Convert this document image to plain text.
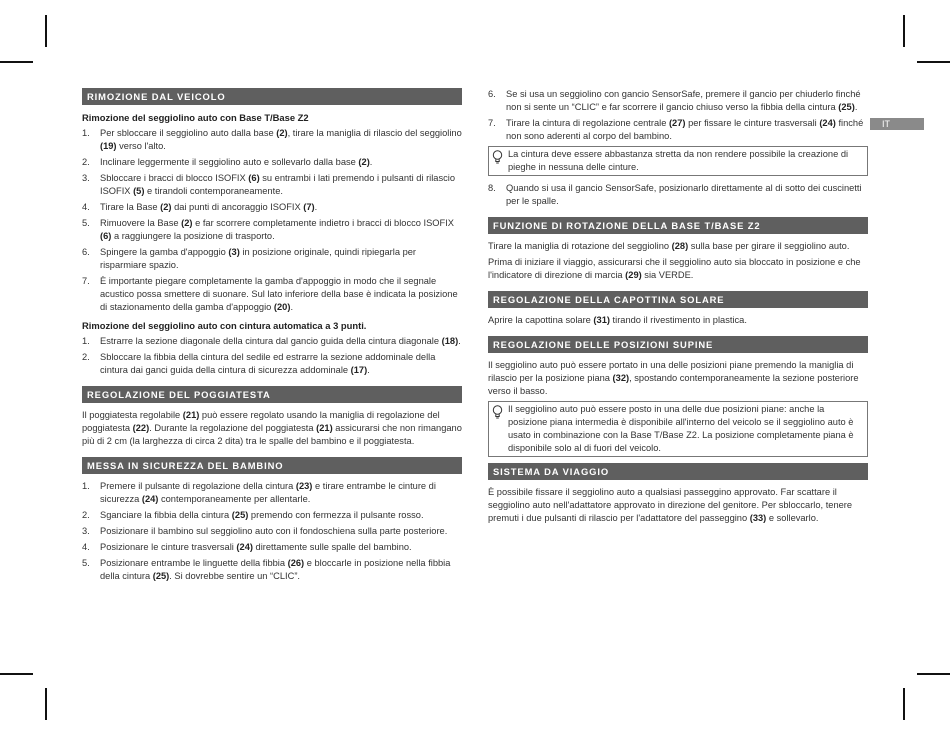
IT
RIMOZIONE DAL VEICOLO
Rimozione del seggiolino auto con Base T/Base Z2
1. Per sbloccare il seggiolino auto dalla base (2), tirare la maniglia di rilascio del seggiolino (19) verso l'alto.
2. Inclinare leggermente il seggiolino auto e sollevarlo dalla base (2).
3. Sbloccare i bracci di blocco ISOFIX (6) su entrambi i lati premendo i pulsanti di rilascio ISOFIX (5) e tirandoli contemporaneamente.
4. Tirare la Base (2) dai punti di ancoraggio ISOFIX (7).
5. Rimuovere la Base (2) e far scorrere completamente indietro i bracci di blocco ISOFIX (6) a raggiungere la posizione di trasporto.
6. Spingere la gamba d'appoggio (3) in posizione originale, quindi ripiegarla per risparmiare spazio.
7. È importante piegare completamente la gamba d'appoggio in modo che il segnale acustico possa smettere di suonare. Sul lato inferiore della base è indicata la posizione di stazionamento della gamba d'appoggio (20).
Rimozione del seggiolino auto con cintura automatica a 3 punti.
1. Estrarre la sezione diagonale della cintura dal gancio guida della cintura diagonale (18).
2. Sbloccare la fibbia della cintura del sedile ed estrarre la sezione addominale della cintura dai ganci guida della cintura di sicurezza addominale (17).
REGOLAZIONE DEL POGGIATESTA
Il poggiatesta regolabile (21) può essere regolato usando la maniglia di regolazione del poggiatesta (22). Durante la regolazione del poggiatesta (21) assicurarsi che non rimangano più di 2 cm (la larghezza di circa 2 dita) tra le spalle del bambino e il poggiatesta.
MESSA IN SICUREZZA DEL BAMBINO
1. Premere il pulsante di regolazione della cintura (23) e tirare entrambe le cinture di sicurezza (24) contemporaneamente per allentarle.
2. Sganciare la fibbia della cintura (25) premendo con fermezza il pulsante rosso.
3. Posizionare il bambino sul seggiolino auto con il fondoschiena sulla parte posteriore.
4. Posizionare le cinture trasversali (24) direttamente sulle spalle del bambino.
5. Posizionare entrambe le linguette della fibbia (26) e bloccarle in posizione nella fibbia della cintura (25). Si dovrebbe sentire un “CLIC”.
6. Se si usa un seggiolino con gancio SensorSafe, premere il gancio per chiuderlo finché non si sente un “CLIC” e far scorrere il gancio chiuso verso la fibbia della cintura (25).
7. Tirare la cintura di regolazione centrale (27) per fissare le cinture trasversali (24) finché non sono aderenti al corpo del bambino.
La cintura deve essere abbastanza stretta da non rendere possibile la creazione di pieghe in nessuna delle cinture.
8. Quando si usa il gancio SensorSafe, posizionarlo direttamente al di sotto dei cuscinetti per le spalle.
FUNZIONE DI ROTAZIONE DELLA BASE T/BASE Z2
Tirare la maniglia di rotazione del seggiolino (28) sulla base per girare il seggiolino auto.
Prima di iniziare il viaggio, assicurarsi che il seggiolino auto sia bloccato in posizione e che l'indicatore di direzione di marcia (29) sia VERDE.
REGOLAZIONE DELLA CAPOTTINA SOLARE
Aprire la capottina solare (31) tirando il rivestimento in plastica.
REGOLAZIONE DELLE POSIZIONI SUPINE
Il seggiolino auto può essere portato in una delle posizioni piane premendo la maniglia di rilascio per la posizione piana (32), spostando contemporaneamente la sezione posteriore verso il basso.
Il seggiolino auto può essere posto in una delle due posizioni piane: anche la posizione piana intermedia è disponibile all'interno del veicolo se il seggiolino auto è usato in combinazione con la Base T/Base Z2. La posizione completamente piana è disponibile solo al di fuori del veicolo.
SISTEMA DA VIAGGIO
È possibile fissare il seggiolino auto a qualsiasi passeggino approvato. Far scattare il seggiolino auto nell'adattatore approvato in direzione del genitore. Per sbloccarlo, tenere premuti i due pulsanti di rilascio per l'adattatore del passeggino (33) e sollevarlo.
